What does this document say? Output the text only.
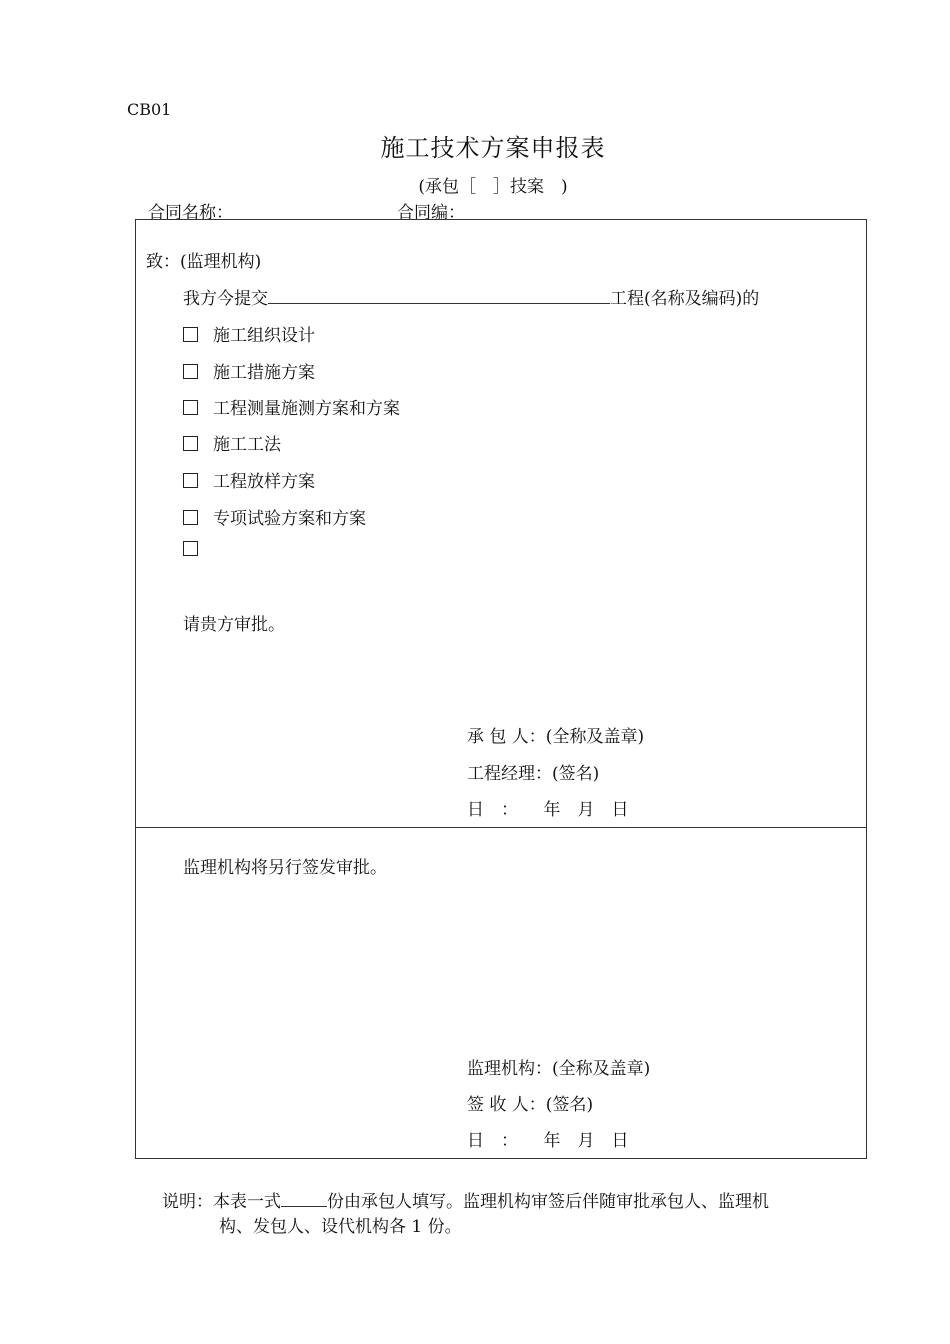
CB01
施工技术方案申报表
(承包［　］技案　)
合同名称：	合同编：
致：(监理机构)
我方今提交	工程(名称及编码)的
施工组织设计
施工措施方案
工程测量施测方案和方案
施工工法
工程放样方案
专项试验方案和方案
请贵方审批。
承 包 人：(全称及盖章)
工程经理：(签名)
日　：　　年　月　日
监理机构将另行签发审批。
监理机构：(全称及盖章)
签 收 人：(签名)
日　：　　年　月　日
说明：本表一式	份由承包人填写。监理机构审签后伴随审批承包人、监理机
构、发包人、设代机构各 1 份。
